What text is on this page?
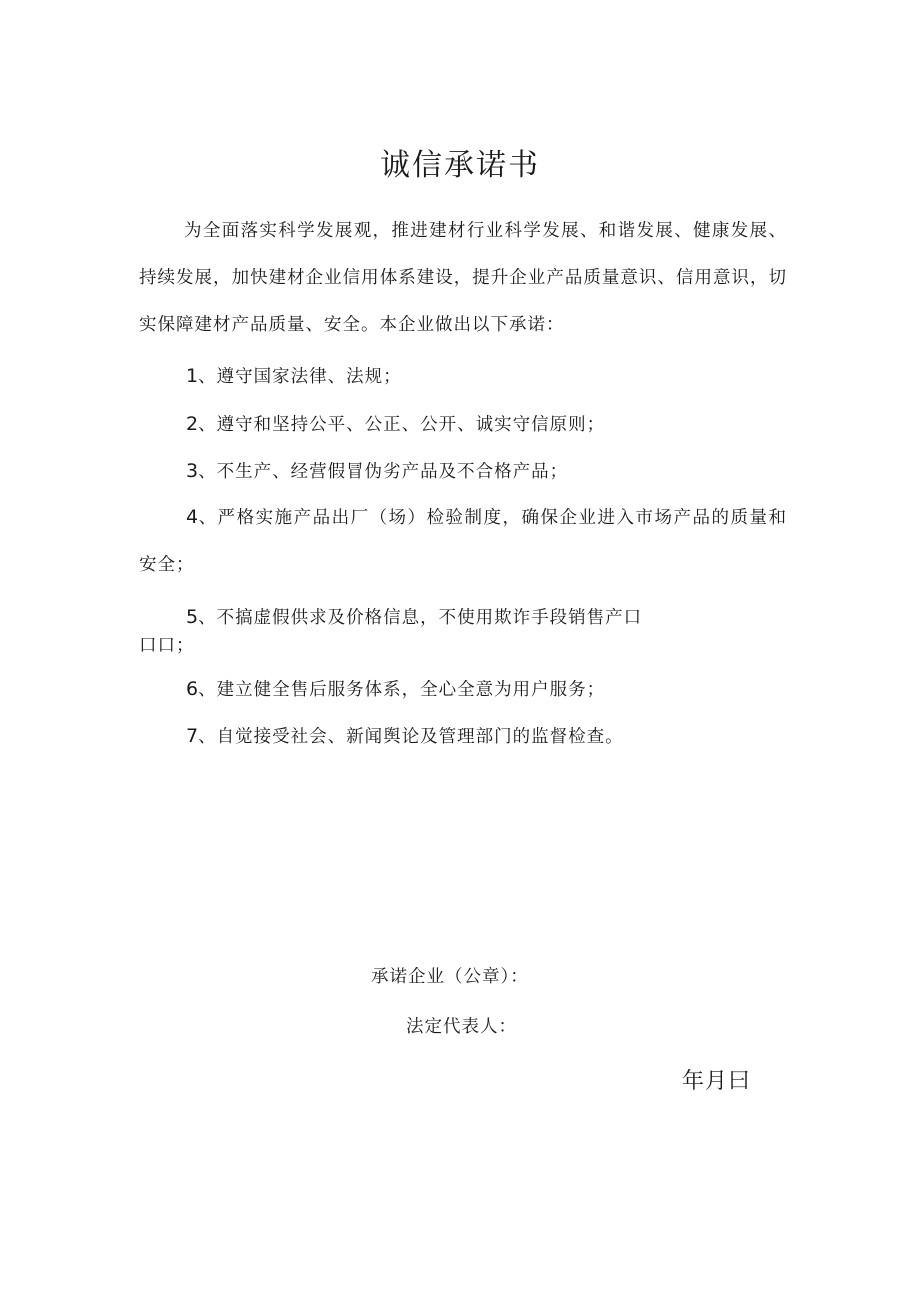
诚信承诺书

为全面落实科学发展观，推进建材行业科学发展、和谐发展、健康发展、持续发展，加快建材企业信用体系建设，提升企业产品质量意识、信用意识，切实保障建材产品质量、安全。本企业做出以下承诺：

1、遵守国家法律、法规；
2、遵守和坚持公平、公正、公开、诚实守信原则；
3、不生产、经营假冒伪劣产品及不合格产品；

4、严格实施产品出厂（场）检验制度，确保企业进入市场产品的质量和安全；

5、不搞虚假供求及价格信息，不使用欺诈手段销售产口
口口；
6、建立健全售后服务体系，全心全意为用户服务；
7、自觉接受社会、新闻舆论及管理部门的监督检查。
承诺企业（公章）：
法定代表人：
年月曰
